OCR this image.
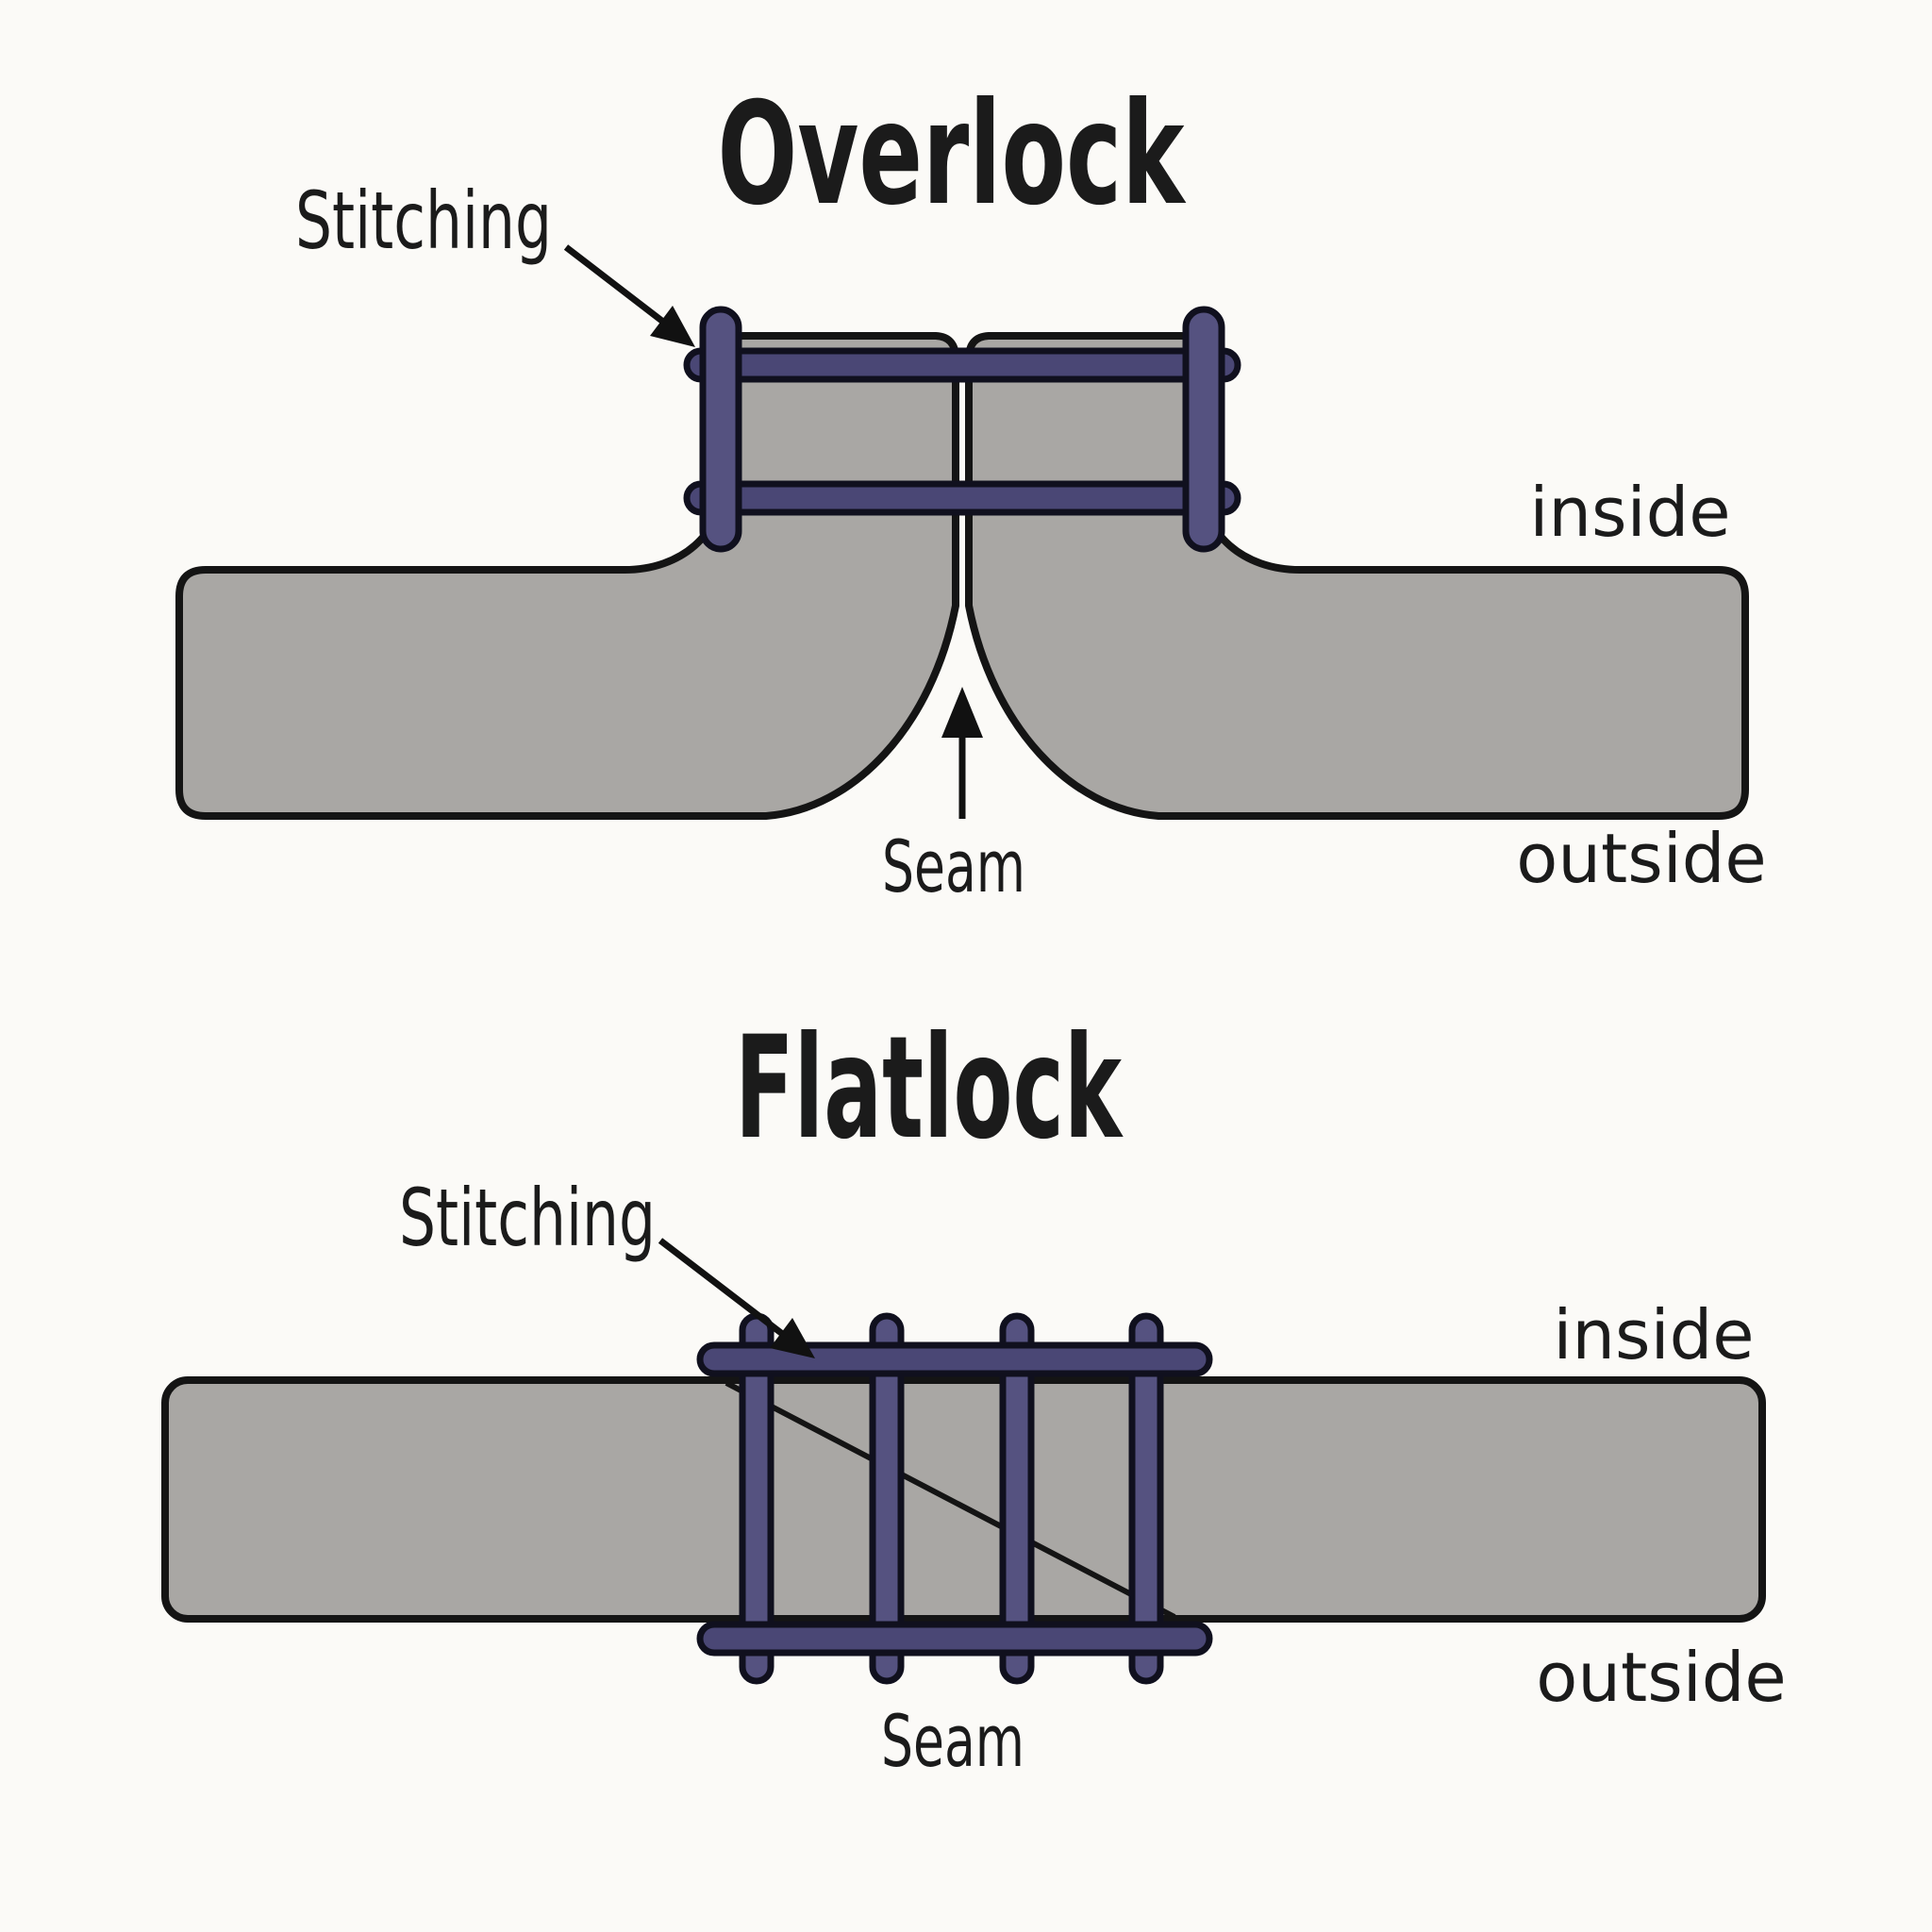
Overlock
Stitching
Seam
inside
outside
Flatlock
Stitching
Seam
inside
outside
